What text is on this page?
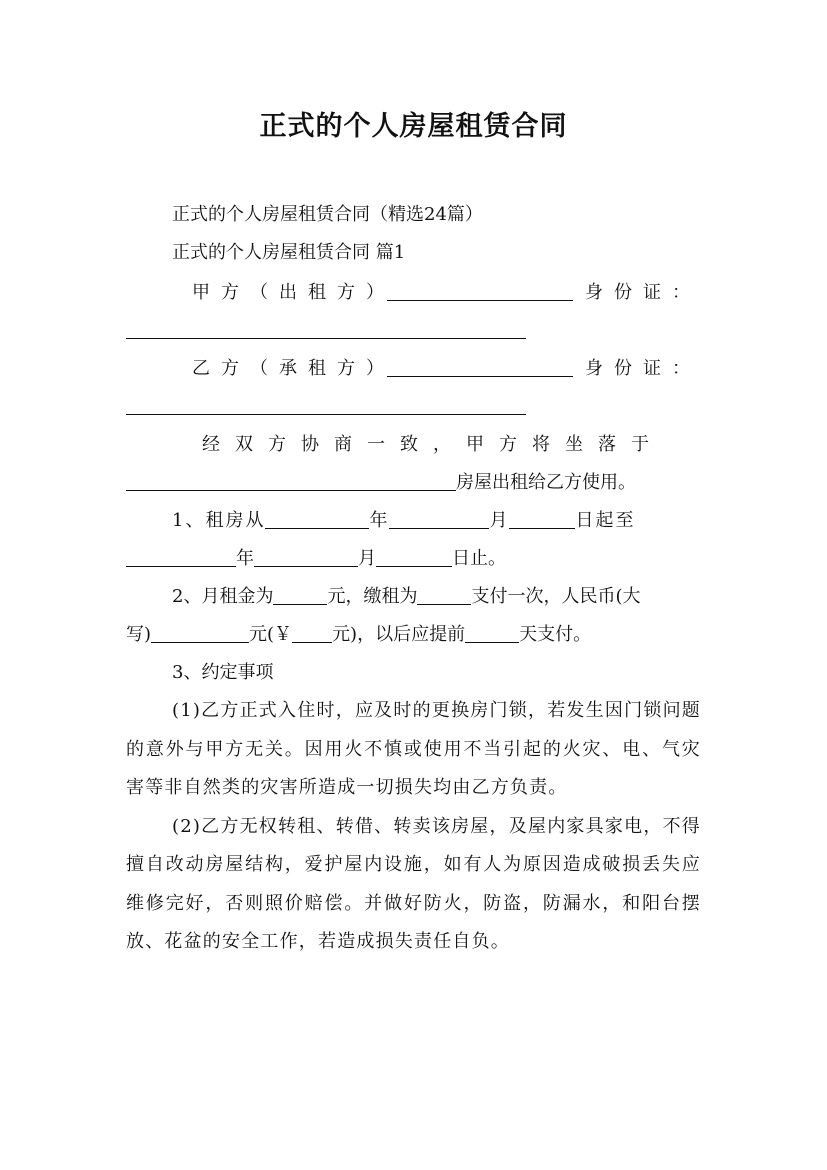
正式的个人房屋租赁合同
正式的个人房屋租赁合同（精选24篇）
正式的个人房屋租赁合同 篇1
甲方（出租方）	身份证：
乙方（承租方）	身份证：
经双方协商一致，甲方将坐落于
房屋出租给乙方使用。
1、租房从	年	月	日起至
年	月	日止。
2、月租金为	元，缴租为	支付一次，人民币(大
写)	元(￥ 元)，以后应提前	天支付。
3、约定事项

(1)乙方正式入住时，应及时的更换房门锁，若发生因门锁问题的意外与甲方无关。因用火不慎或使用不当引起的火灾、电、气灾害等非自然类的灾害所造成一切损失均由乙方负责。

(2)乙方无权转租、转借、转卖该房屋，及屋内家具家电，不得擅自改动房屋结构，爱护屋内设施，如有人为原因造成破损丢失应维修完好，否则照价赔偿。并做好防火，防盗，防漏水，和阳台摆放、花盆的安全工作，若造成损失责任自负。
